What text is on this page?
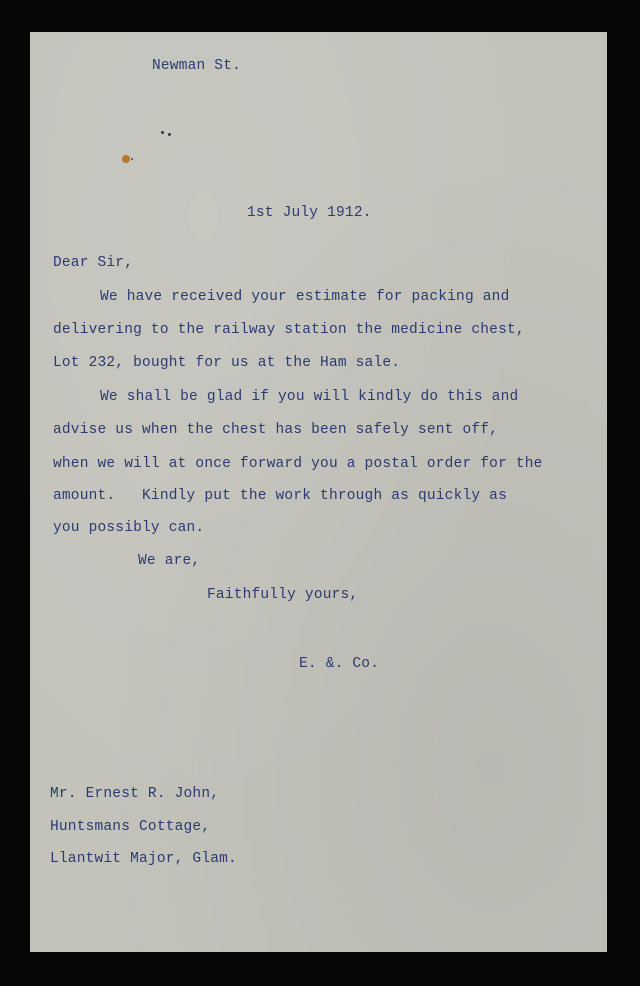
Newman St.
1st July 1912.
Dear Sir,
We have received your estimate for packing and
delivering to the railway station the medicine chest,
Lot 232, bought for us at the Ham sale.
We shall be glad if you will kindly do this and
advise us when the chest has been safely sent off,
when we will at once forward you a postal order for the
amount.   Kindly put the work through as quickly as
you possibly can.
We are,
Faithfully yours,
E. &. Co.
Mr. Ernest R. John,
Huntsmans Cottage,
Llantwit Major, Glam.
